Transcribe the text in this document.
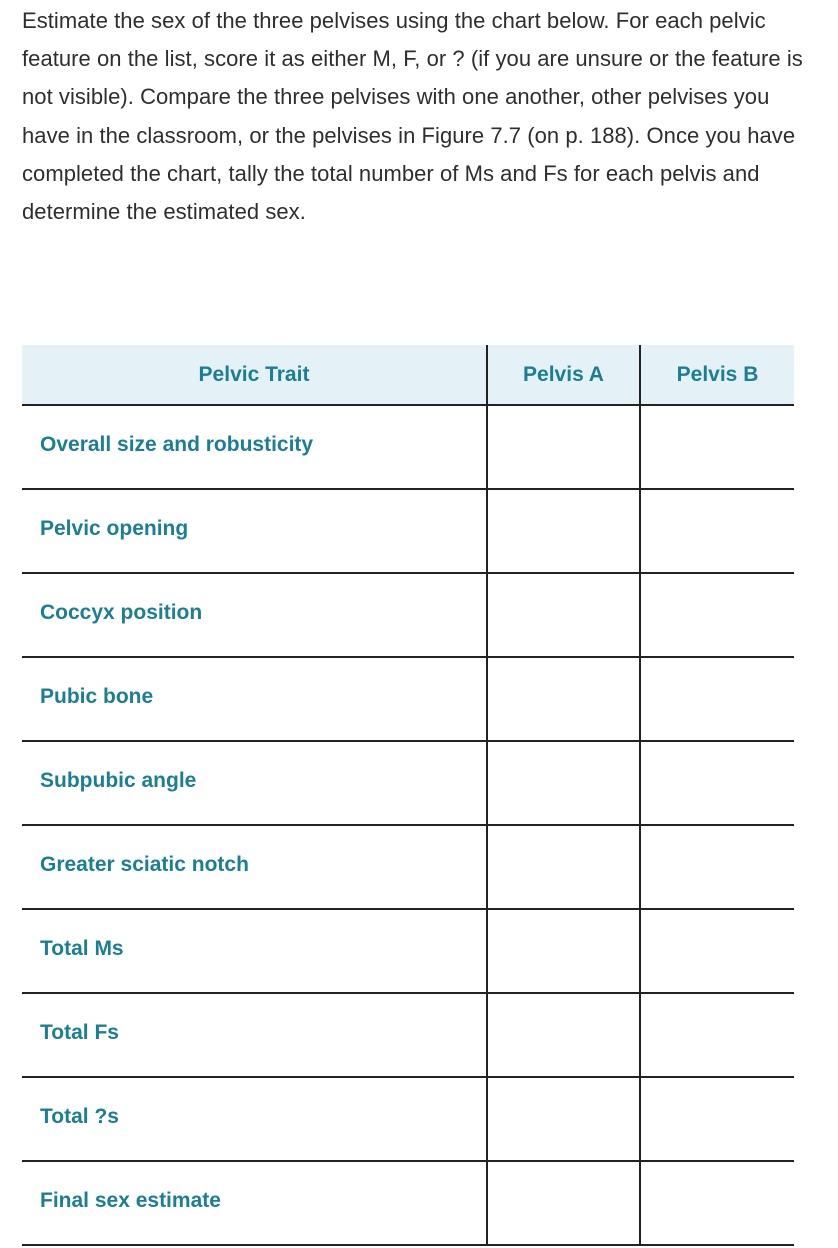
Estimate the sex of the three pelvises using the chart below. For each pelvic feature on the list, score it as either M, F, or ? (if you are unsure or the feature is not visible). Compare the three pelvises with one another, other pelvises you have in the classroom, or the pelvises in Figure 7.7 (on p. 188). Once you have completed the chart, tally the total number of Ms and Fs for each pelvis and determine the estimated sex.

Pelvic Trait	Pelvis A	Pelvis B
Overall size and robusticity		
Pelvic opening		
Coccyx position		
Pubic bone		
Subpubic angle		
Greater sciatic notch		
Total Ms		
Total Fs		
Total ?s		
Final sex estimate		
